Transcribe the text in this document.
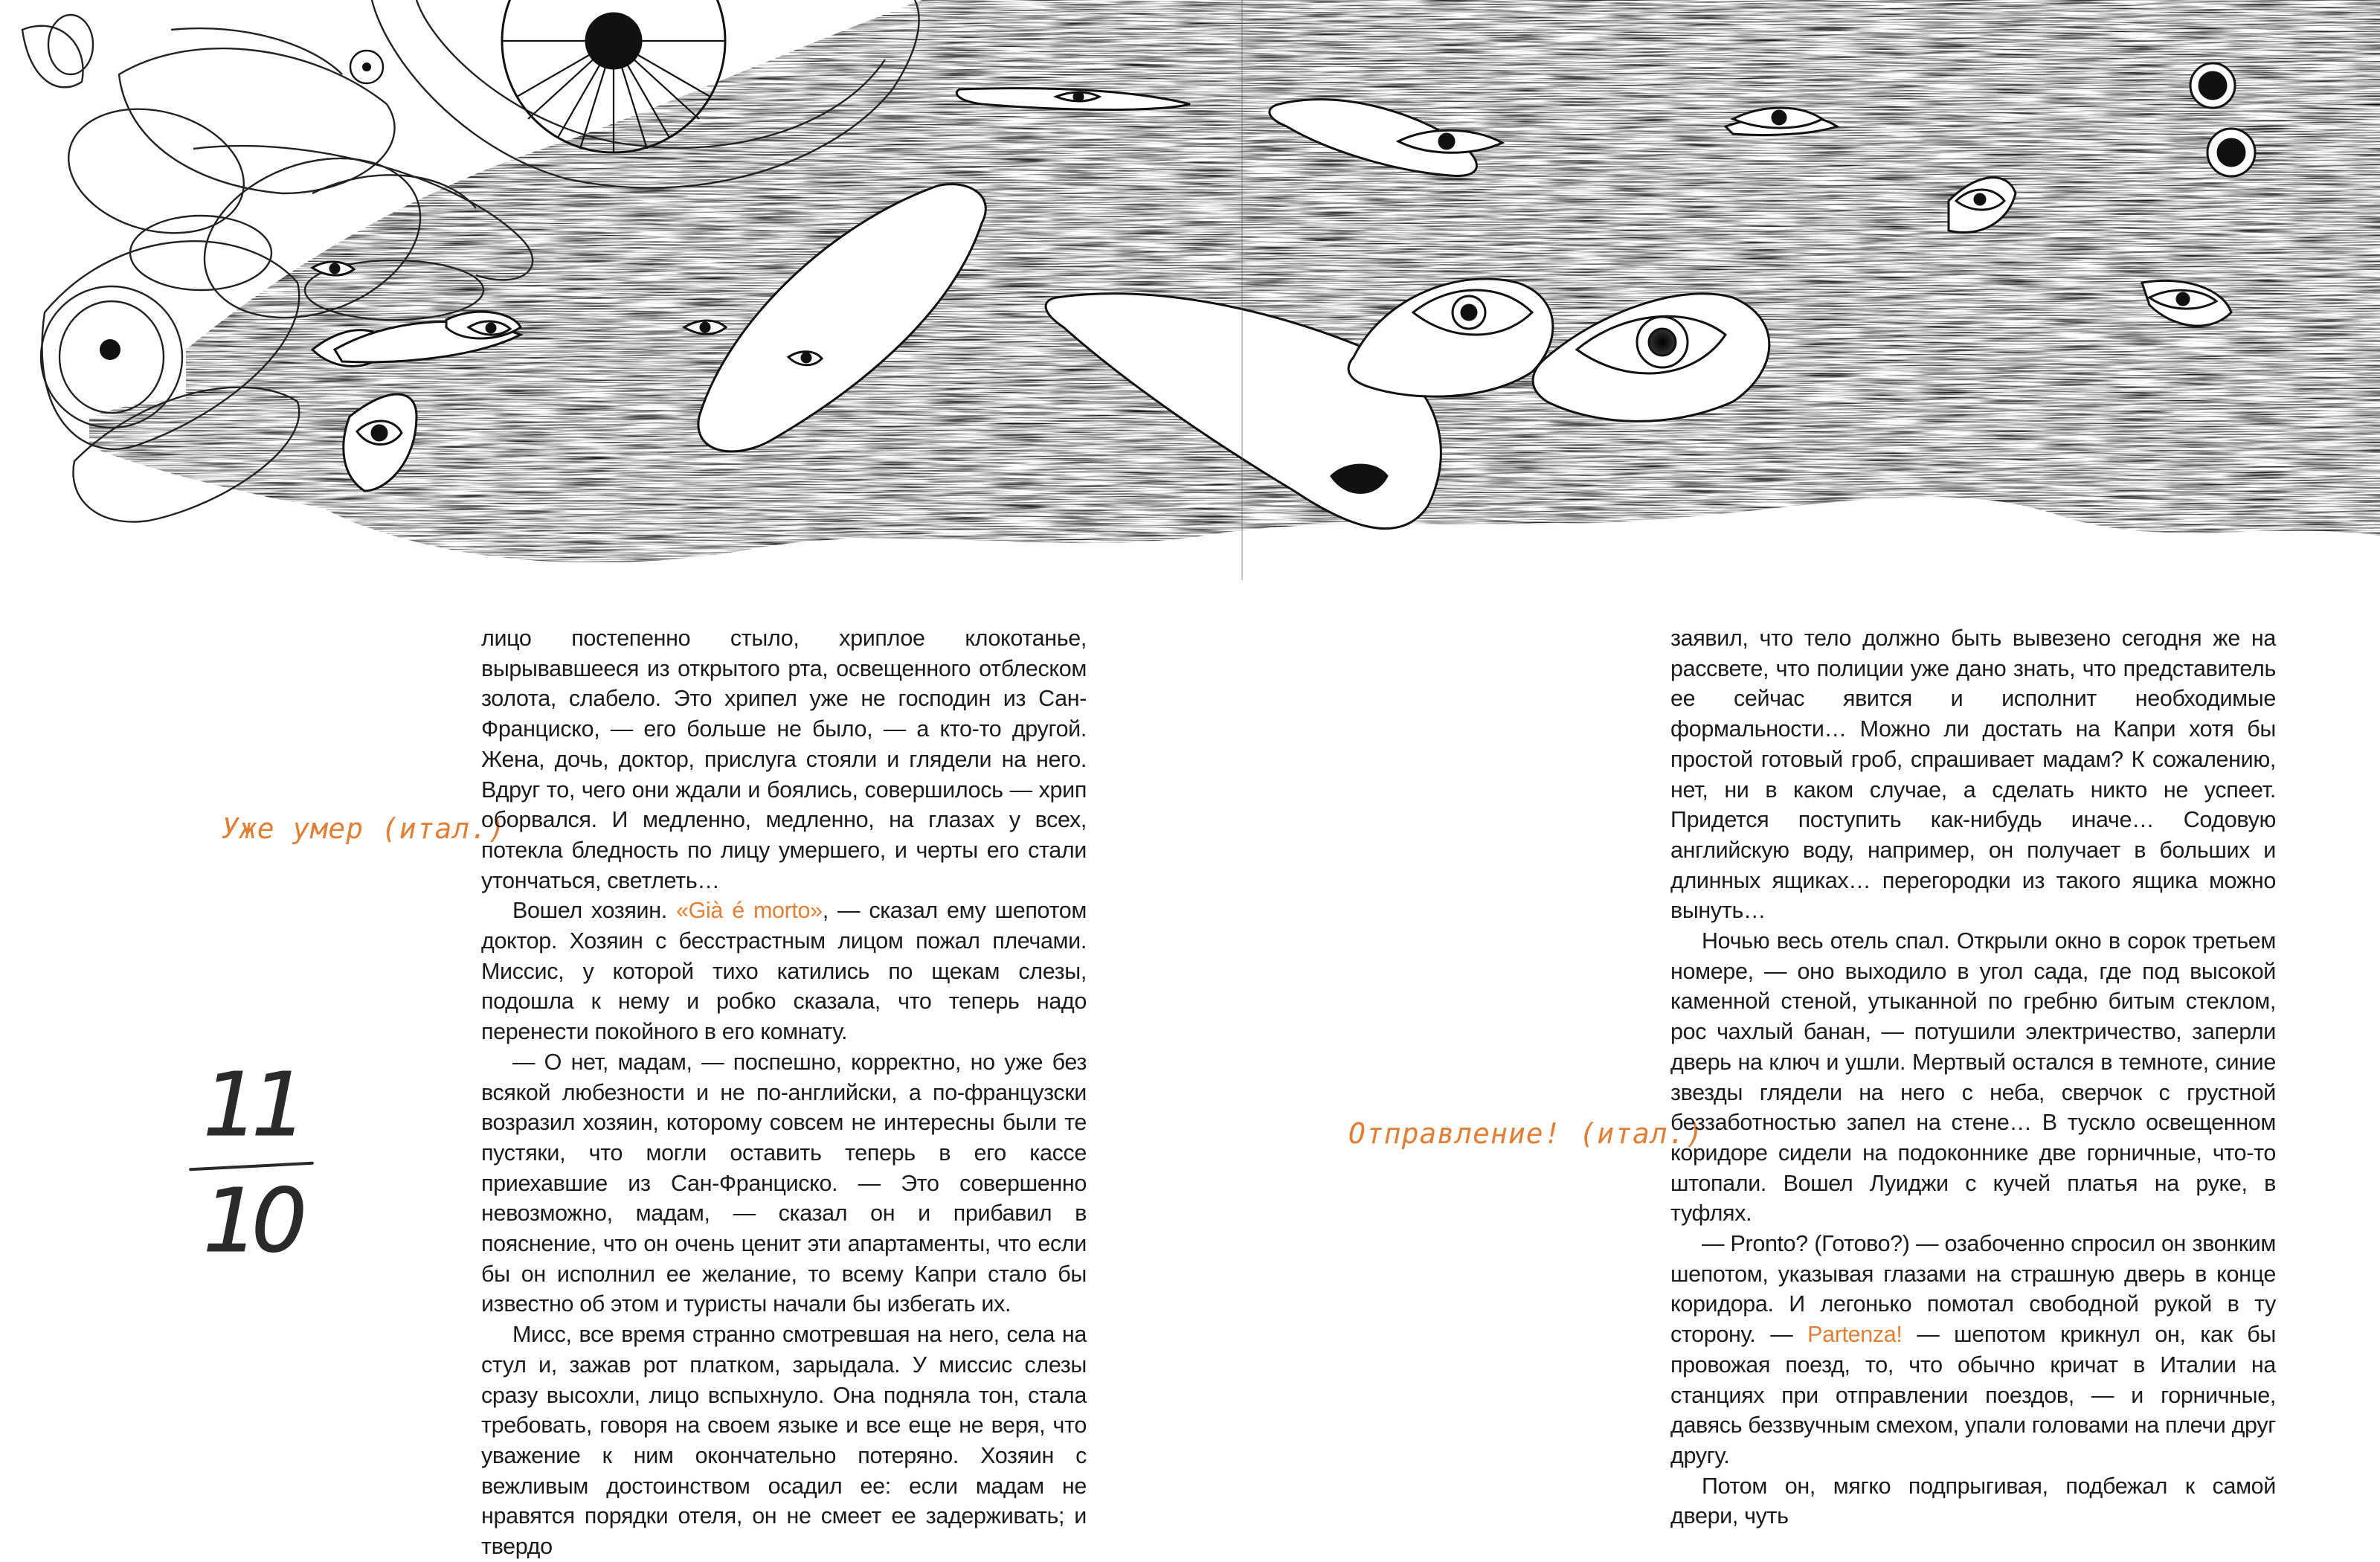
Уже умер (итал.)
Отправление! (итал.)
11
10

лицо постепенно стыло, хриплое клокотанье, вырывавшееся из открытого рта, освещенного отблеском золота, слабело. Это хрипел уже не господин из Сан-Франциско, — его больше не было, — а кто-то другой. Жена, дочь, доктор, прислуга стояли и глядели на него. Вдруг то, чего они ждали и боялись, совершилось — хрип оборвался. И медленно, медленно, на глазах у всех, потекла бледность по лицу умершего, и черты его стали утончаться, светлеть…

Вошел хозяин. «Già é morto», — сказал ему шепотом доктор. Хозяин с бесстрастным лицом пожал плечами. Миссис, у которой тихо катились по щекам слезы, подошла к нему и робко сказала, что теперь надо перенести покойного в его комнату.

— О нет, мадам, — поспешно, корректно, но уже без всякой любезности и не по-английски, а по-французски возразил хозяин, которому совсем не интересны были те пустяки, что могли оставить теперь в его кассе приехавшие из Сан-Франциско. — Это совершенно невозможно, мадам, — сказал он и прибавил в пояснение, что он очень ценит эти апартаменты, что если бы он исполнил ее желание, то всему Капри стало бы известно об этом и туристы начали бы избегать их.

Мисс, все время странно смотревшая на него, села на стул и, зажав рот платком, зарыдала. У миссис слезы сразу высохли, лицо вспыхнуло. Она подняла тон, стала требовать, говоря на своем языке и все еще не веря, что уважение к ним окончательно потеряно. Хозяин с вежливым достоинством осадил ее: если мадам не нравятся порядки отеля, он не смеет ее задерживать; и твердо

заявил, что тело должно быть вывезено сегодня же на рассвете, что полиции уже дано знать, что представитель ее сейчас явится и исполнит необходимые формальности… Можно ли достать на Капри хотя бы простой готовый гроб, спрашивает мадам? К сожалению, нет, ни в каком случае, а сделать никто не успеет. Придется поступить как-нибудь иначе… Содовую английскую воду, например, он получает в больших и длинных ящиках… перегородки из такого ящика можно вынуть…

Ночью весь отель спал. Открыли окно в сорок третьем номере, — оно выходило в угол сада, где под высокой каменной стеной, утыканной по гребню битым стеклом, рос чахлый банан, — потушили электричество, заперли дверь на ключ и ушли. Мертвый остался в темноте, синие звезды глядели на него с неба, сверчок с грустной беззаботностью запел на стене… В тускло освещенном коридоре сидели на подоконнике две горничные, что-то штопали. Вошел Луиджи с кучей платья на руке, в туфлях.

— Pronto? (Готово?) — озабоченно спросил он звонким шепотом, указывая глазами на страшную дверь в конце коридора. И легонько помотал свободной рукой в ту сторону. — Partenza! — шепотом крикнул он, как бы провожая поезд, то, что обычно кричат в Италии на станциях при отправлении поездов, — и горничные, давясь беззвучным смехом, упали головами на плечи друг другу.

Потом он, мягко подпрыгивая, подбежал к самой двери, чуть
